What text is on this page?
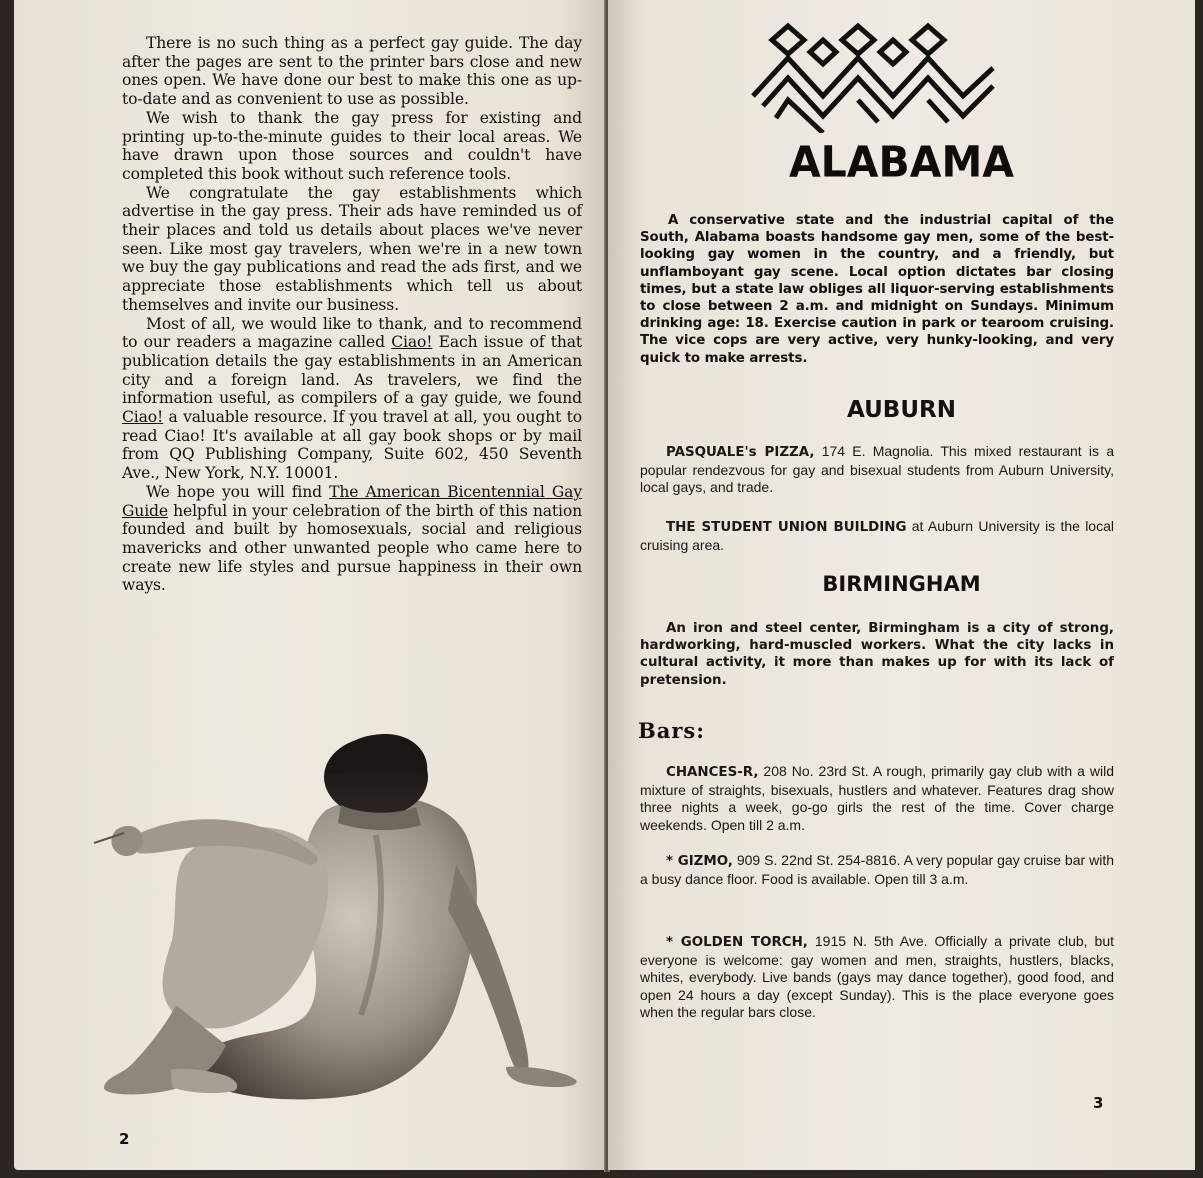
There is no such thing as a perfect gay guide. The day after the pages are sent to the printer bars close and new ones open. We have done our best to make this one as up-to-date and as convenient to use as possible.

We wish to thank the gay press for existing and printing up-to-the-minute guides to their local areas. We have drawn upon those sources and couldn't have completed this book without such reference tools.

We congratulate the gay establishments which advertise in the gay press. Their ads have reminded us of their places and told us details about places we've never seen. Like most gay travelers, when we're in a new town we buy the gay publications and read the ads first, and we appreciate those establishments which tell us about themselves and invite our business.

Most of all, we would like to thank, and to recommend to our readers a magazine called Ciao! Each issue of that publication details the gay establishments in an American city and a foreign land. As travelers, we find the information useful, as compilers of a gay guide, we found Ciao! a valuable resource. If you travel at all, you ought to read Ciao! It's available at all gay book shops or by mail from QQ Publishing Company, Suite 602, 450 Seventh Ave., New York, N.Y. 10001.

We hope you will find The American Bicentennial Gay Guide helpful in your celebration of the birth of this nation founded and built by homosexuals, social and religious mavericks and other unwanted people who came here to create new life styles and pursue happiness in their own ways.

2
ALABAMA

A conservative state and the industrial capital of the South, Alabama boasts handsome gay men, some of the best-looking gay women in the country, and a friendly, but unflamboyant gay scene. Local option dictates bar closing times, but a state law obliges all liquor-serving establishments to close between 2 a.m. and midnight on Sundays. Minimum drinking age: 18. Exercise caution in park or tearoom cruising. The vice cops are very active, very hunky-looking, and very quick to make arrests.

AUBURN

PASQUALE's PIZZA, 174 E. Magnolia. This mixed restaurant is a popular rendezvous for gay and bisexual students from Auburn University, local gays, and trade.

THE STUDENT UNION BUILDING at Auburn University is the local cruising area.

BIRMINGHAM

An iron and steel center, Birmingham is a city of strong, hardworking, hard-muscled workers. What the city lacks in cultural activity, it more than makes up for with its lack of pretension.

Bars:

CHANCES-R, 208 No. 23rd St. A rough, primarily gay club with a wild mixture of straights, bisexuals, hustlers and whatever. Features drag show three nights a week, go-go girls the rest of the time. Cover charge weekends. Open till 2 a.m.

* GIZMO, 909 S. 22nd St. 254-8816. A very popular gay cruise bar with a busy dance floor. Food is available. Open till 3 a.m.

* GOLDEN TORCH, 1915 N. 5th Ave. Officially a private club, but everyone is welcome: gay women and men, straights, hustlers, blacks, whites, everybody. Live bands (gays may dance together), good food, and open 24 hours a day (except Sunday). This is the place everyone goes when the regular bars close.

3
